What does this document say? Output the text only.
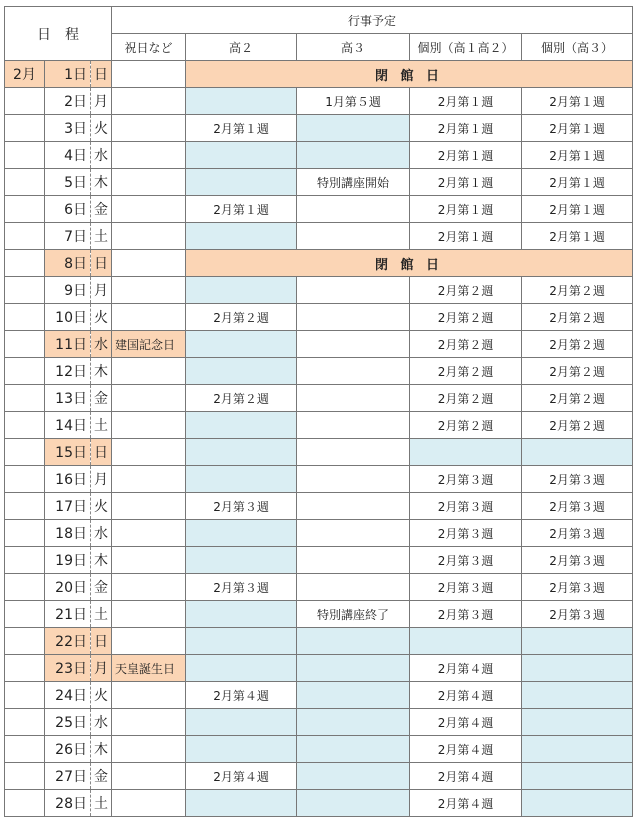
日　程			行事予定				
			祝日など	高２	高３	個別（高１高２）	個別（高３）
2月	1日	日		閉 館 日			
	2日	月			1月第５週	2月第１週	2月第１週
	3日	火		2月第１週		2月第１週	2月第１週
	4日	水				2月第１週	2月第１週
	5日	木			特別講座開始	2月第１週	2月第１週
	6日	金		2月第１週		2月第１週	2月第１週
	7日	土				2月第１週	2月第１週
	8日	日		閉 館 日			
	9日	月				2月第２週	2月第２週
	10日	火		2月第２週		2月第２週	2月第２週
	11日	水	建国記念日			2月第２週	2月第２週
	12日	木				2月第２週	2月第２週
	13日	金		2月第２週		2月第２週	2月第２週
	14日	土				2月第２週	2月第２週
	15日	日					
	16日	月				2月第３週	2月第３週
	17日	火		2月第３週		2月第３週	2月第３週
	18日	水				2月第３週	2月第３週
	19日	木				2月第３週	2月第３週
	20日	金		2月第３週		2月第３週	2月第３週
	21日	土			特別講座終了	2月第３週	2月第３週
	22日	日					
	23日	月	天皇誕生日			2月第４週	
	24日	火		2月第４週		2月第４週	
	25日	水				2月第４週	
	26日	木				2月第４週	
	27日	金		2月第４週		2月第４週	
	28日	土				2月第４週	
